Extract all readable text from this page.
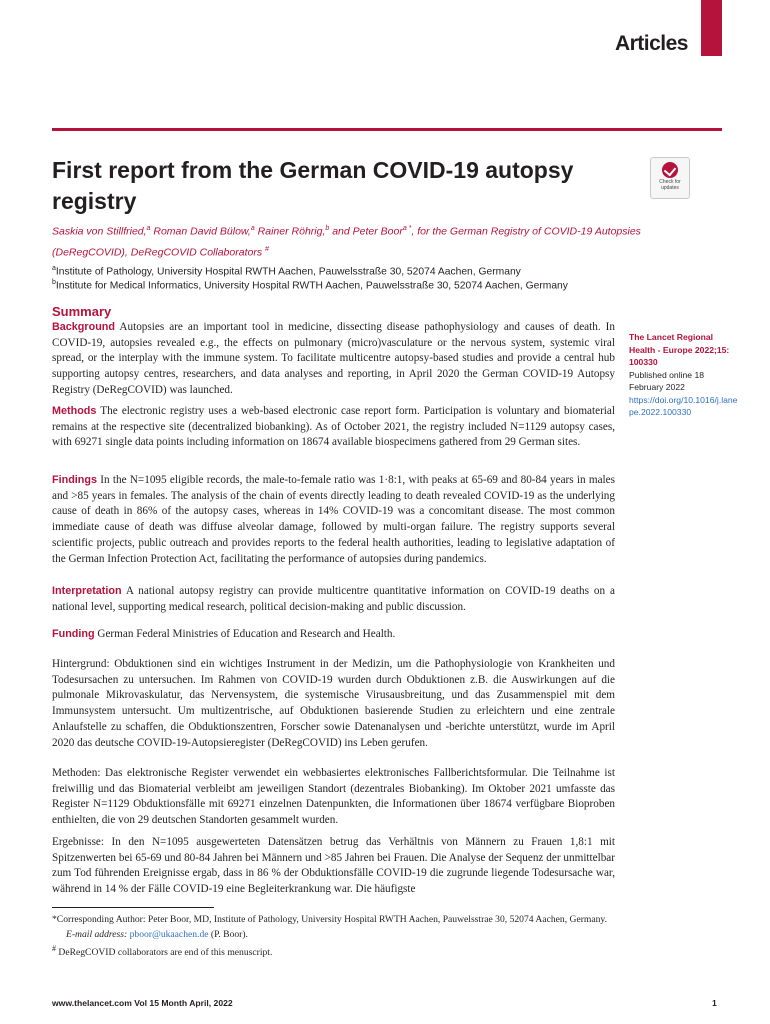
Articles
First report from the German COVID-19 autopsy registry
Check for
updates
Saskia von Stillfried,$^a$ Roman David Bülow,$^a$ Rainer Röhrig,$^b$ and Peter Boor$^{a *}$, for the German Registry of COVID-19 Autopsies (DeRegCOVID), DeRegCOVID Collaborators #
$^a$Institute of Pathology, University Hospital RWTH Aachen, Pauwelsstraße 30, 52074 Aachen, Germany
$^b$Institute for Medical Informatics, University Hospital RWTH Aachen, Pauwelsstraße 30, 52074 Aachen, Germany
Summary

Background Autopsies are an important tool in medicine, dissecting disease pathophysiology and causes of death. In COVID-19, autopsies revealed e.g., the effects on pulmonary (micro)vasculature or the nervous system, systemic viral spread, or the interplay with the immune system. To facilitate multicentre autopsy-based studies and provide a central hub supporting autopsy centres, researchers, and data analyses and reporting, in April 2020 the German COVID-19 Autopsy Registry (DeRegCOVID) was launched.

Methods The electronic registry uses a web-based electronic case report form. Participation is voluntary and biomaterial remains at the respective site (decentralized biobanking). As of October 2021, the registry included N=1129 autopsy cases, with 69271 single data points including information on 18674 available biospecimens gathered from 29 German sites.

Findings In the N=1095 eligible records, the male-to-female ratio was 1·8:1, with peaks at 65-69 and 80-84 years in males and >85 years in females. The analysis of the chain of events directly leading to death revealed COVID-19 as the underlying cause of death in 86% of the autopsy cases, whereas in 14% COVID-19 was a concomitant disease. The most common immediate cause of death was diffuse alveolar damage, followed by multi-organ failure. The registry supports several scientific projects, public outreach and provides reports to the federal health authorities, leading to legislative adaptation of the German Infection Protection Act, facilitating the performance of autopsies during pandemics.

Interpretation A national autopsy registry can provide multicentre quantitative information on COVID-19 deaths on a national level, supporting medical research, political decision-making and public discussion.

Funding German Federal Ministries of Education and Research and Health.

Hintergrund: Obduktionen sind ein wichtiges Instrument in der Medizin, um die Pathophysiologie von Krankheiten und Todesursachen zu untersuchen. Im Rahmen von COVID-19 wurden durch Obduktionen z.B. die Auswirkungen auf die pulmonale Mikrovaskulatur, das Nervensystem, die systemische Virusausbreitung, und das Zusammenspiel mit dem Immunsystem untersucht. Um multizentrische, auf Obduktionen basierende Studien zu erleichtern und eine zentrale Anlaufstelle zu schaffen, die Obduktionszentren, Forscher sowie Datenanalysen und -berichte unterstützt, wurde im April 2020 das deutsche COVID-19-Autopsieregister (DeRegCOVID) ins Leben gerufen.

Methoden: Das elektronische Register verwendet ein webbasiertes elektronisches Fallberichtsformular. Die Teilnahme ist freiwillig und das Biomaterial verbleibt am jeweiligen Standort (dezentrales Biobanking). Im Oktober 2021 umfasste das Register N=1129 Obduktionsfälle mit 69271 einzelnen Datenpunkten, die Informationen über 18674 verfügbare Bioproben enthielten, die von 29 deutschen Standorten gesammelt wurden.

Ergebnisse: In den N=1095 ausgewerteten Datensätzen betrug das Verhältnis von Männern zu Frauen 1,8:1 mit Spitzenwerten bei 65-69 und 80-84 Jahren bei Männern und >85 Jahren bei Frauen. Die Analyse der Sequenz der unmittelbar zum Tod führenden Ereignisse ergab, dass in 86 % der Obduktionsfälle COVID-19 die zugrunde liegende Todesursache war, während in 14 % der Fälle COVID-19 eine Begleiterkrankung war. Die häufigste

The Lancet Regional Health - Europe 2022;15: 100330
Published online 18 February 2022
https://doi.org/10.1016/j.lanepe.2022.100330

*Corresponding Author: Peter Boor, MD, Institute of Pathology, University Hospital RWTH Aachen, Pauwelsstrae 30, 52074 Aachen, Germany.

E-mail address: pboor@ukaachen.de (P. Boor).

# DeRegCOVID collaborators are end of this menuscript.

www.thelancet.com Vol 15 Month April, 2022	1
